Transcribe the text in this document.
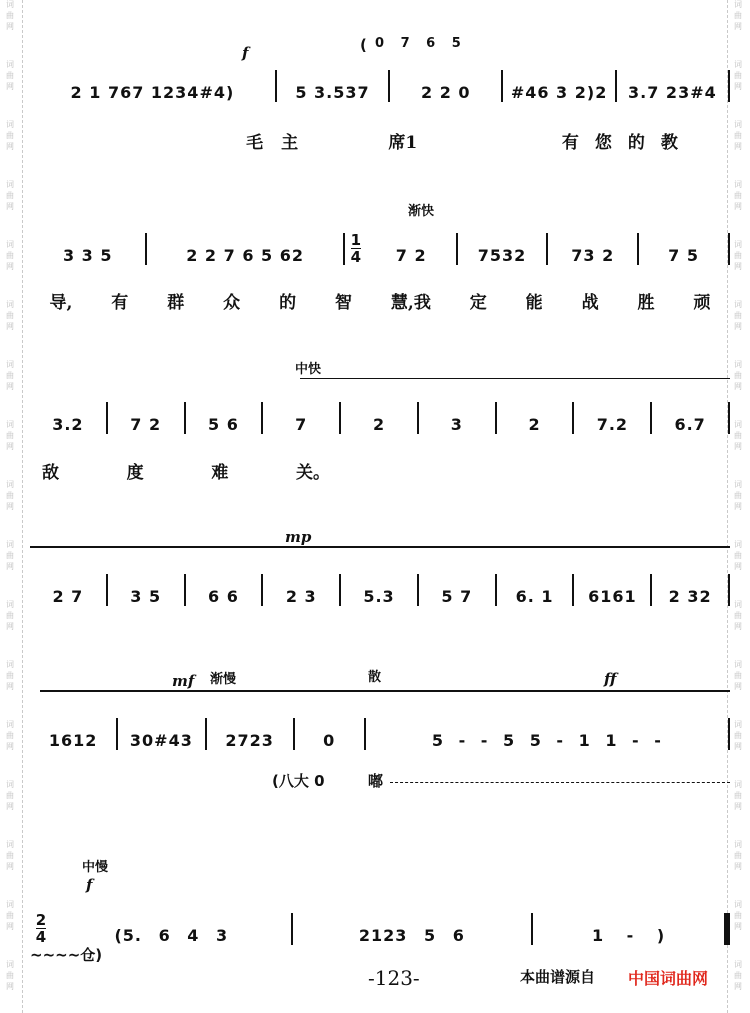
词
曲
网
词
曲
网
词
曲
网
词
曲
网
词
曲
网
词
曲
网
词
曲
网
词
曲
网
词
曲
网
词
曲
网
词
曲
网
词
曲
网
词
曲
网
词
曲
网
词
曲
网
词
曲
网
词
曲
网
词
曲
网
词
曲
网
词
曲
网
词
曲
网
词
曲
网
词
曲
网
词
曲
网
词
曲
网
词
曲
网
词
曲
网
词
曲
网
词
曲
网
词
曲
网
词
曲
网
词
曲
网
词
曲
网
词
曲
网
( 0 7 6 5
f
2 1 767 1234#4)	5 3.537	2 2 0	#46 3 2)2	3.7 23#4
毛主	席1	有您的教
渐快
3 3 5	2 2 7 6 5 62
1
4	7 2	7532	73 2	7 5
导, 有 群 众 的 智 慧,我 定 能 战 胜 顽
中快
3.2	7 2	5 6	7	2	3	2	7.2	6.7
敌	度	难	关。
mp
2 7	3 5	6 6	2 3	5.3	5 7	6. 1	6161	2 32
mf 渐慢	散	ff
1612	30#43	2723	0	5 - - 5 5 - 1 1 - -
(八大 0	嘟
中慢
f
2
4	(5. 6 4 3	2123 5 6	1 - )
~~~~仓)
-123-	本曲谱源自 中国词曲网
